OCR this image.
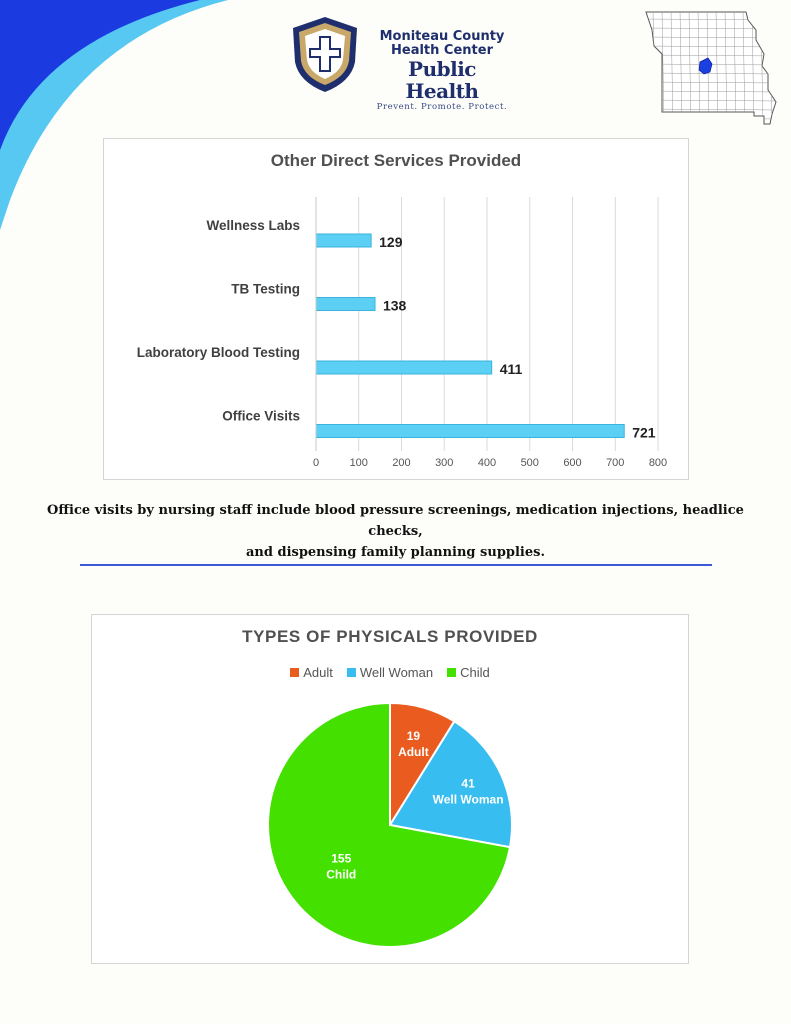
Moniteau County
Health Center
Public Health
Prevent. Promote. Protect.
Other Direct Services Provided
0	100 200 300 400 500 600 700 800
Wellness Labs
129
TB Testing
138
Laboratory Blood Testing
411
Office Visits
721
Office visits by nursing staff include blood pressure screenings, medication injections, headlice checks,
and dispensing family planning supplies.
TYPES OF PHYSICALS PROVIDED
Adult Well Woman Child
19
Adult
41
Well Woman
155
Child
